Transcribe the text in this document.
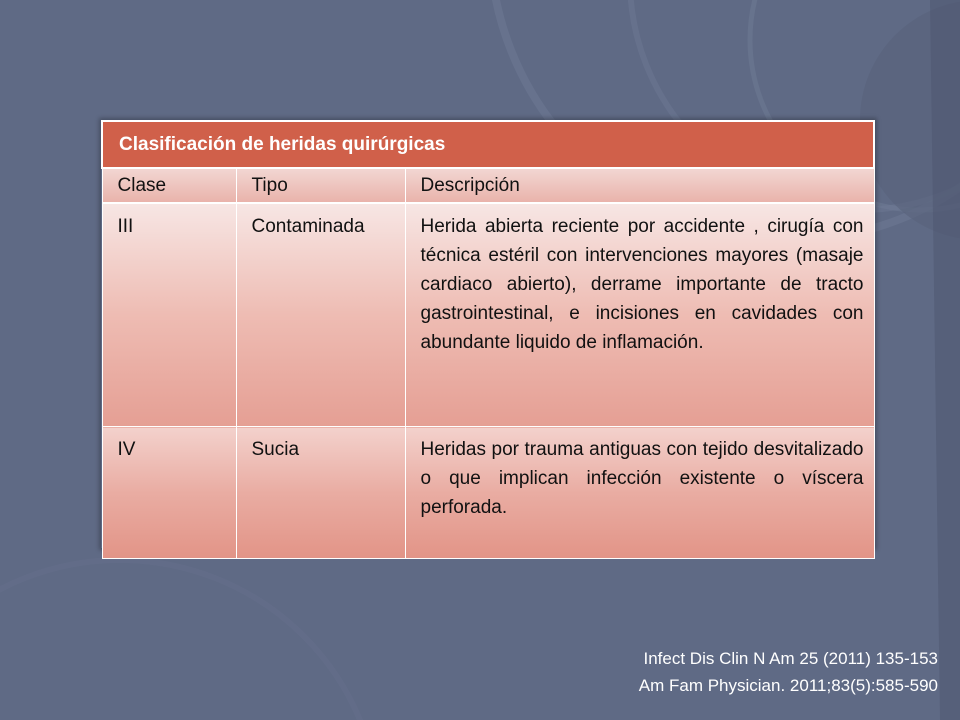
Clasificación de heridas quirúrgicas		
Clase	Tipo	Descripción
III	Contaminada	Herida abierta reciente por accidente , cirugía con técnica estéril con intervenciones mayores (masaje cardiaco abierto), derrame importante de tracto gastrointestinal, e incisiones en cavidades con abundante liquido de inflamación.
IV	Sucia	Heridas por trauma antiguas con tejido desvitalizado o que implican infección existente o víscera perforada.
Infect Dis Clin N Am 25 (2011) 135-153
Am Fam Physician. 2011;83(5):585-590
